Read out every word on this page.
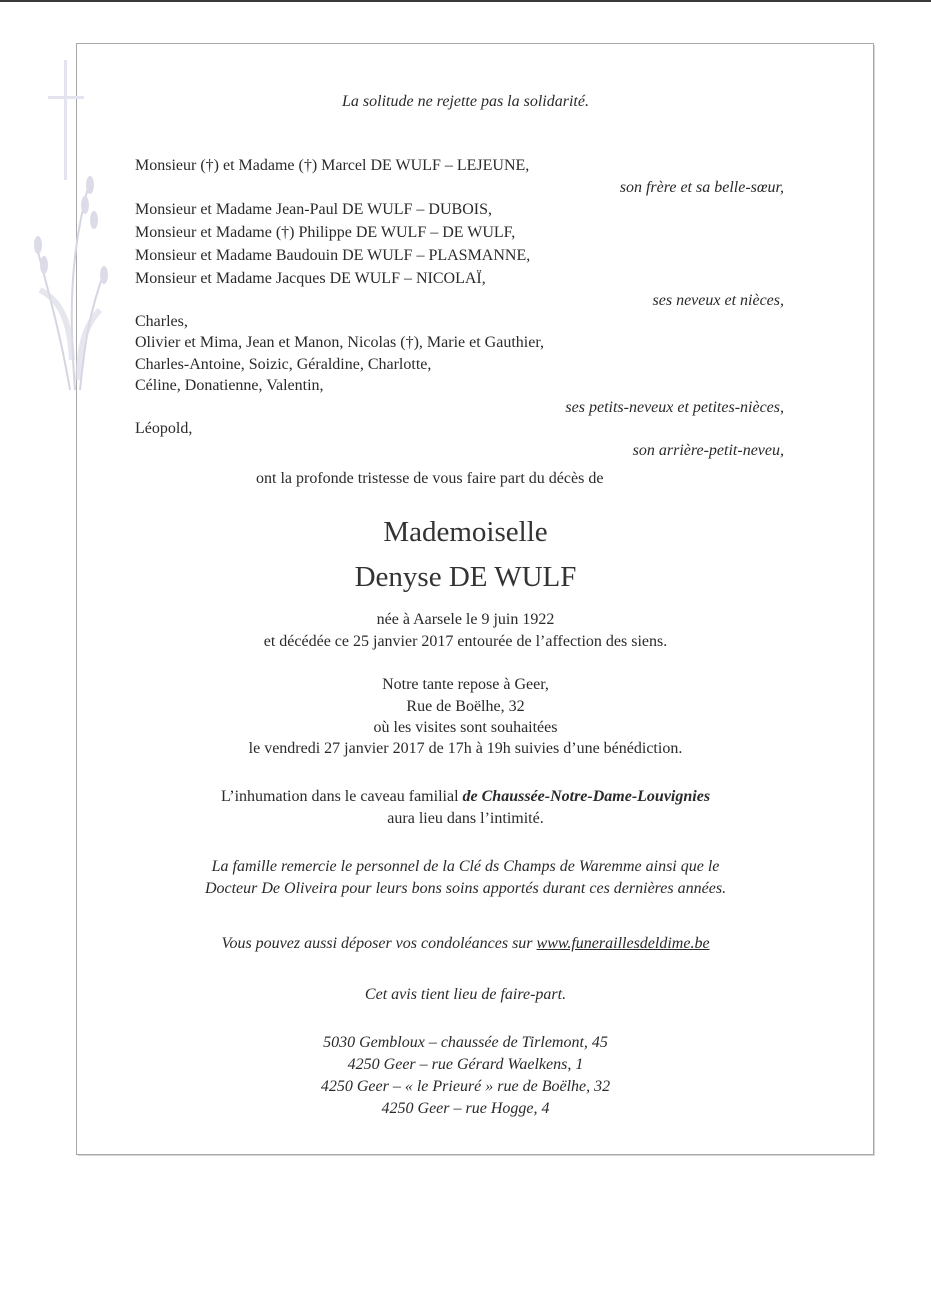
La solitude ne rejette pas la solidarité.
Monsieur (†) et Madame (†) Marcel DE WULF – LEJEUNE,
son frère et sa belle-sœur,
Monsieur et Madame Jean-Paul DE WULF – DUBOIS,
Monsieur et Madame (†) Philippe DE WULF – DE WULF,
Monsieur et Madame Baudouin DE WULF – PLASMANNE,
Monsieur et Madame Jacques DE WULF – NICOLAÏ,
ses neveux et nièces,
Charles,
Olivier et Mima, Jean et Manon, Nicolas (†), Marie et Gauthier,
Charles-Antoine, Soizic, Géraldine, Charlotte,
Céline, Donatienne, Valentin,
ses petits-neveux et petites-nièces,
Léopold,
son arrière-petit-neveu,
ont la profonde tristesse de vous faire part du décès de
Mademoiselle
Denyse DE WULF
née à Aarsele le 9 juin 1922
et décédée ce 25 janvier 2017 entourée de l’affection des siens.
Notre tante repose à Geer,
Rue de Boëlhe, 32
où les visites sont souhaitées
le vendredi 27 janvier 2017 de 17h à 19h suivies d’une bénédiction.
L’inhumation dans le caveau familial de Chaussée-Notre-Dame-Louvignies
aura lieu dans l’intimité.
La famille remercie le personnel de la Clé ds Champs de Waremme ainsi que le
Docteur De Oliveira pour leurs bons soins apportés durant ces dernières années.
Vous pouvez aussi déposer vos condoléances sur www.funeraillesdeldime.be
Cet avis tient lieu de faire-part.
5030 Gembloux – chaussée de Tirlemont, 45
4250 Geer – rue Gérard Waelkens, 1
4250 Geer – « le Prieuré » rue de Boëlhe, 32
4250 Geer – rue Hogge, 4
